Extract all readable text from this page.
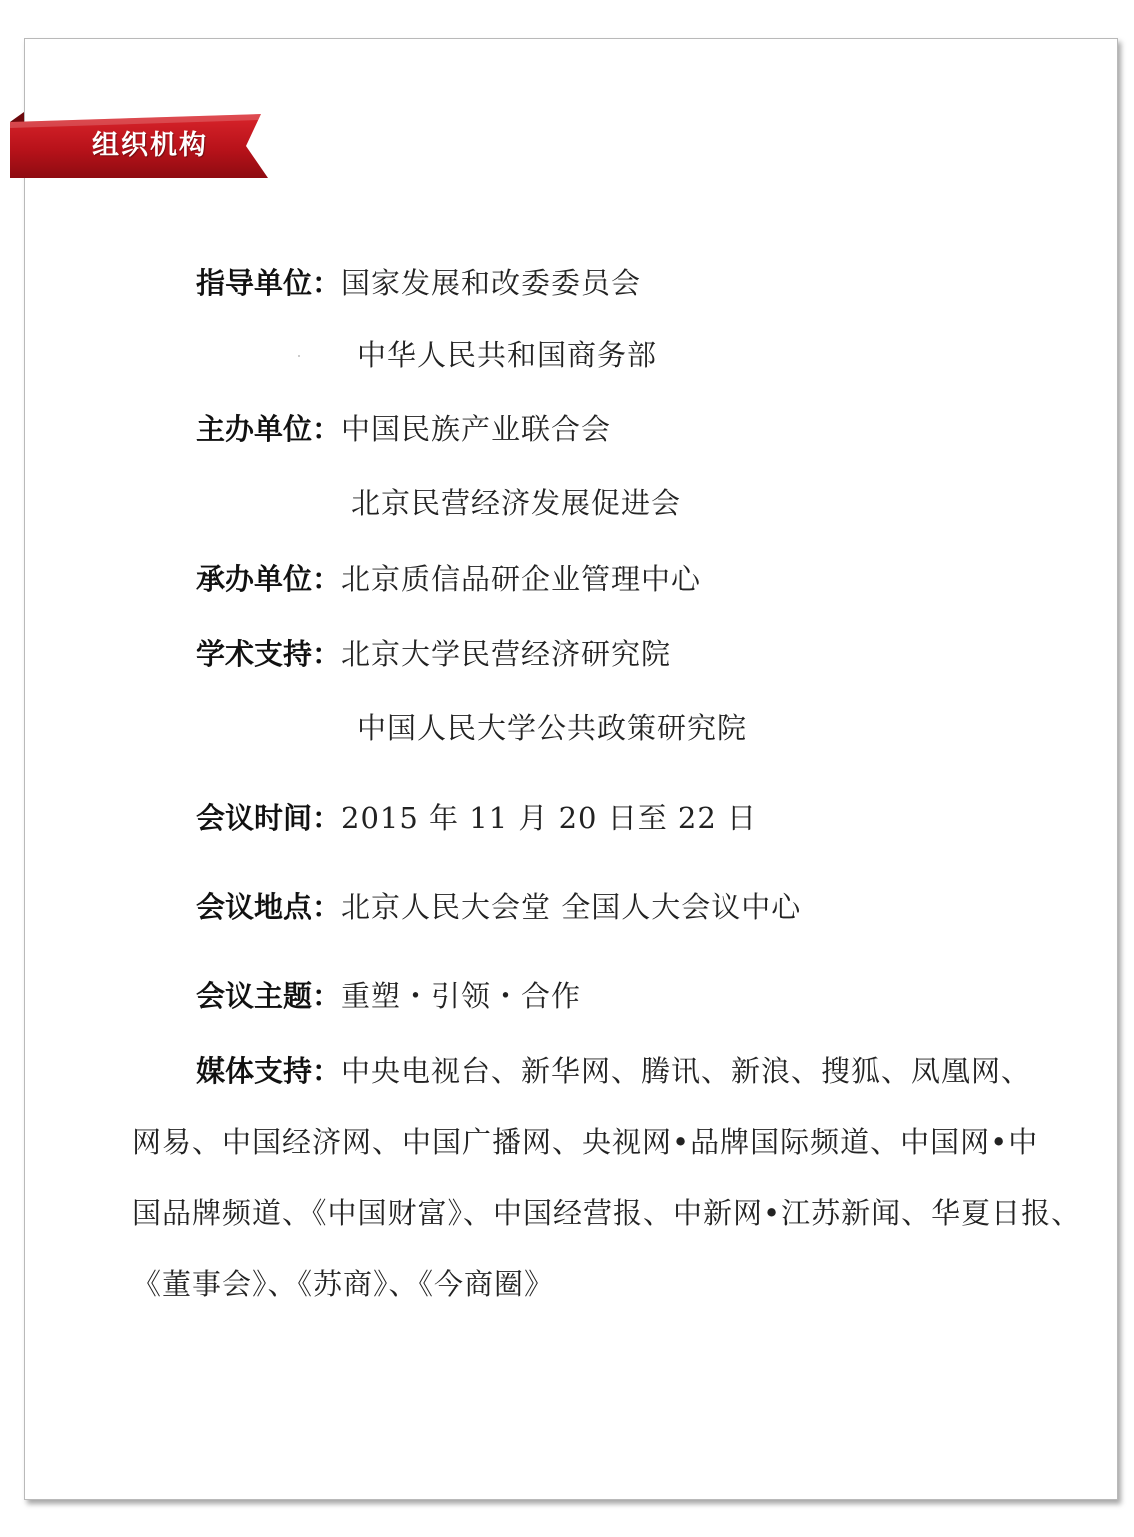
组织机构
指导单位：国家发展和改委委员会
中华人民共和国商务部
主办单位：中国民族产业联合会
北京民营经济发展促进会
承办单位：北京质信品研企业管理中心
学术支持：北京大学民营经济研究院
中国人民大学公共政策研究院
会议时间：2015 年 11 月 20 日至 22 日
会议地点：北京人民大会堂 全国人大会议中心
会议主题：重塑・引领・合作
媒体支持：中央电视台、新华网、腾讯、新浪、搜狐、凤凰网、
网易、中国经济网、中国广播网、央视网•品牌国际频道、中国网•中
国品牌频道、《中国财富》、中国经营报、中新网•江苏新闻、华夏日报、
《董事会》、《苏商》、《今商圈》
